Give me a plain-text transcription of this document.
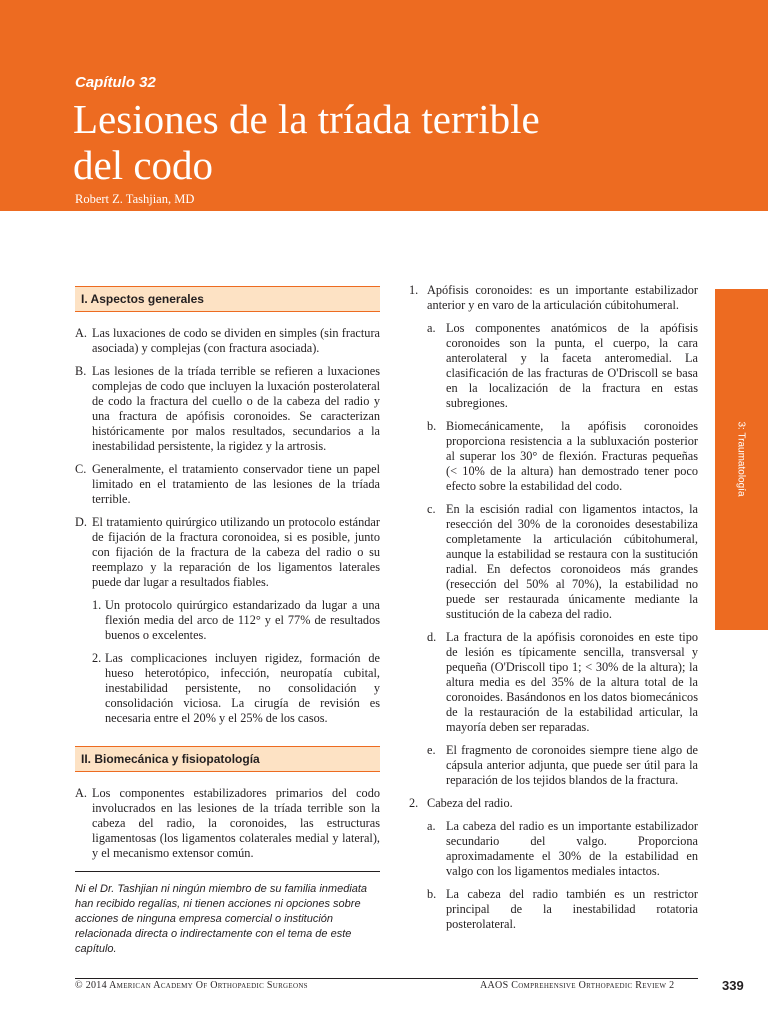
Capítulo 32
Lesiones de la tríada terrible
del codo
Robert Z. Tashjian, MD
3: Traumatología
I. Aspectos generales
A. Las luxaciones de codo se dividen en simples (sin fractura asociada) y complejas (con fractura asociada).
B. Las lesiones de la tríada terrible se refieren a luxaciones complejas de codo que incluyen la luxación posterolateral de codo la fractura del cuello o de la cabeza del radio y una fractura de apófisis coronoides. Se caracterizan históricamente por malos resultados, secundarios a la inestabilidad persistente, la rigidez y la artrosis.
C. Generalmente, el tratamiento conservador tiene un papel limitado en el tratamiento de las lesiones de la tríada terrible.
D. El tratamiento quirúrgico utilizando un protocolo estándar de fijación de la fractura coronoidea, si es posible, junto con fijación de la fractura de la cabeza del radio o su reemplazo y la reparación de los ligamentos laterales puede dar lugar a resultados fiables.
1. Un protocolo quirúrgico estandarizado da lugar a una flexión media del arco de 112° y el 77% de resultados buenos o excelentes.
2. Las complicaciones incluyen rigidez, formación de hueso heterotópico, infección, neuropatía cubital, inestabilidad persistente, no consolidación y consolidación viciosa. La cirugía de revisión es necesaria entre el 20% y el 25% de los casos.
II. Biomecánica y fisiopatología
A. Los componentes estabilizadores primarios del codo involucrados en las lesiones de la tríada terrible son la cabeza del radio, la coronoides, las estructuras ligamentosas (los ligamentos colaterales medial y lateral), y el mecanismo extensor común.
Ni el Dr. Tashjian ni ningún miembro de su familia inmediata han recibido regalías, ni tienen acciones ni opciones sobre acciones de ninguna empresa comercial o institución relacionada directa o indirectamente con el tema de este capítulo.
1. Apófisis coronoides: es un importante estabilizador anterior y en varo de la articulación cúbitohumeral.
a. Los componentes anatómicos de la apófisis coronoides son la punta, el cuerpo, la cara anterolateral y la faceta anteromedial. La clasificación de las fracturas de O'Driscoll se basa en la localización de la fractura en estas subregiones.
b. Biomecánicamente, la apófisis coronoides proporciona resistencia a la subluxación posterior al superar los 30° de flexión. Fracturas pequeñas (< 10% de la altura) han demostrado tener poco efecto sobre la estabilidad del codo.
c. En la escisión radial con ligamentos intactos, la resección del 30% de la coronoides desestabiliza completamente la articulación cúbitohumeral, aunque la estabilidad se restaura con la sustitución radial. En defectos coronoideos más grandes (resección del 50% al 70%), la estabilidad no puede ser restaurada únicamente mediante la sustitución de la cabeza del radio.
d. La fractura de la apófisis coronoides en este tipo de lesión es típicamente sencilla, transversal y pequeña (O'Driscoll tipo 1; < 30% de la altura); la altura media es del 35% de la altura total de la coronoides. Basándonos en los datos biomecánicos de la restauración de la estabilidad articular, la mayoría deben ser reparadas.
e. El fragmento de coronoides siempre tiene algo de cápsula anterior adjunta, que puede ser útil para la reparación de los tejidos blandos de la fractura.
2. Cabeza del radio.
a. La cabeza del radio es un importante estabilizador secundario del valgo. Proporciona aproximadamente el 30% de la estabilidad en valgo con los ligamentos mediales intactos.
b. La cabeza del radio también es un restrictor principal de la inestabilidad rotatoria posterolateral.
© 2014 American Academy Of Orthopaedic Surgeons	AAOS Comprehensive Orthopaedic Review 2	339
